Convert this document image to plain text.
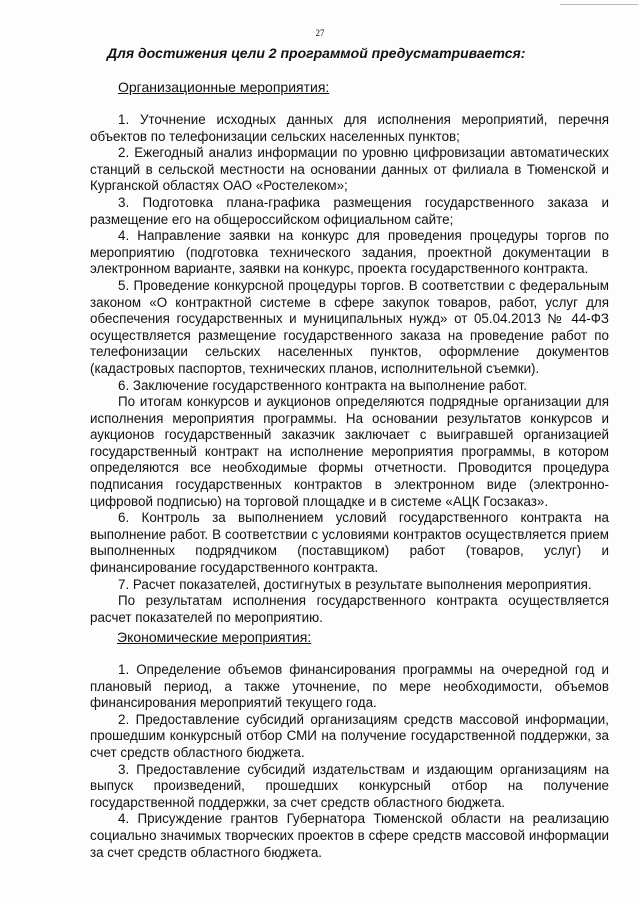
27
Для достижения цели 2 программой предусматривается:
Организационные мероприятия:

1. Уточнение исходных данных для исполнения мероприятий, перечня объектов по телефонизации сельских населенных пунктов;

2. Ежегодный анализ информации по уровню цифровизации автоматических станций в сельской местности на основании данных от филиала в Тюменской и Курганской областях ОАО «Ростелеком»;

3. Подготовка плана-графика размещения государственного заказа и размещение его на общероссийском официальном сайте;

4. Направление заявки на конкурс для проведения процедуры торгов по мероприятию (подготовка технического задания, проектной документации в электронном варианте, заявки на конкурс, проекта государственного контракта.

5. Проведение конкурсной процедуры торгов. В соответствии с федеральным законом «О контрактной системе в сфере закупок товаров, работ, услуг для обеспечения государственных и муниципальных нужд» от 05.04.2013 № 44-ФЗ осуществляется размещение государственного заказа на проведение работ по телефонизации сельских населенных пунктов, оформление документов (кадастровых паспортов, технических планов, исполнительной съемки).

6. Заключение государственного контракта на выполнение работ.

По итогам конкурсов и аукционов определяются подрядные организации для исполнения мероприятия программы. На основании результатов конкурсов и аукционов государственный заказчик заключает с выигравшей организацией государственный контракт на исполнение мероприятия программы, в котором определяются все необходимые формы отчетности. Проводится процедура подписания государственных контрактов в электронном виде (электронно-цифровой подписью) на торговой площадке и в системе «АЦК Госзаказ».

6. Контроль за выполнением условий государственного контракта на выполнение работ. В соответствии с условиями контрактов осуществляется прием выполненных подрядчиком (поставщиком) работ (товаров, услуг) и финансирование государственного контракта.

7. Расчет показателей, достигнутых в результате выполнения мероприятия.

По результатам исполнения государственного контракта осуществляется расчет показателей по мероприятию.

Экономические мероприятия:

1. Определение объемов финансирования программы на очередной год и плановый период, а также уточнение, по мере необходимости, объемов финансирования мероприятий текущего года.

2. Предоставление субсидий организациям средств массовой информации, прошедшим конкурсный отбор СМИ на получение государственной поддержки, за счет средств областного бюджета.

3. Предоставление субсидий издательствам и издающим организациям на выпуск произведений, прошедших конкурсный отбор на получение государственной поддержки, за счет средств областного бюджета.

4. Присуждение грантов Губернатора Тюменской области на реализацию социально значимых творческих проектов в сфере средств массовой информации за счет средств областного бюджета.
